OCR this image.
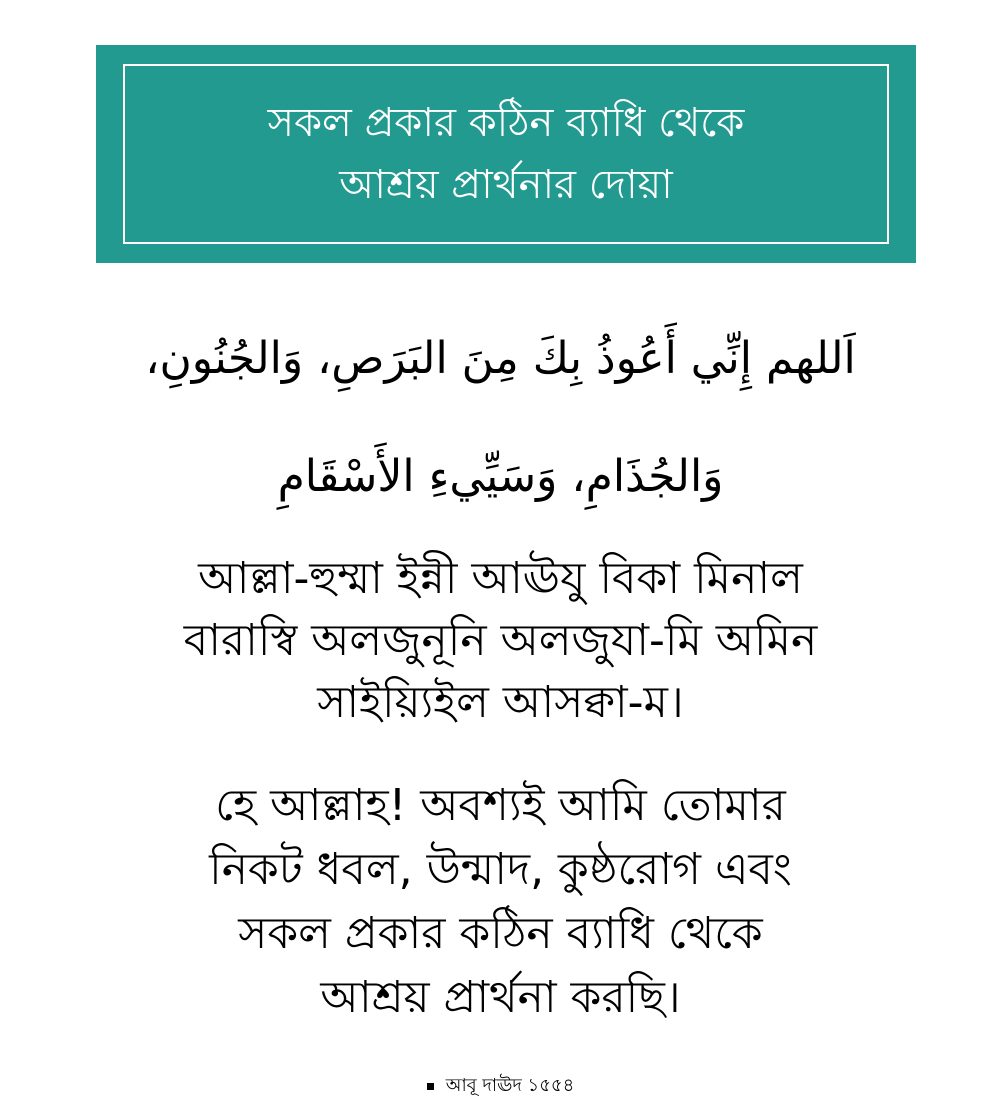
সকল প্রকার কঠিন ব্যাধি থেকে
আশ্রয় প্রার্থনার দোয়া
اَللهم إِنِّي أَعُوذُ بِكَ مِنَ البَرَصِ، وَالجُنُونِ،
وَالجُذَامِ، وَسَيِّيءِ الأَسْقَامِ
আল্লা-হুম্মা ইন্নী আঊযু বিকা মিনাল
বারাস্বি অলজুনূনি অলজুযা-মি অমিন
সাইয়্যিইল আসক্বা-ম।
হে আল্লাহ! অবশ্যই আমি তোমার
নিকট ধবল, উন্মাদ, কুষ্ঠরোগ এবং
সকল প্রকার কঠিন ব্যাধি থেকে
আশ্রয় প্রার্থনা করছি।
আবূ দাঊদ ১৫৫৪
